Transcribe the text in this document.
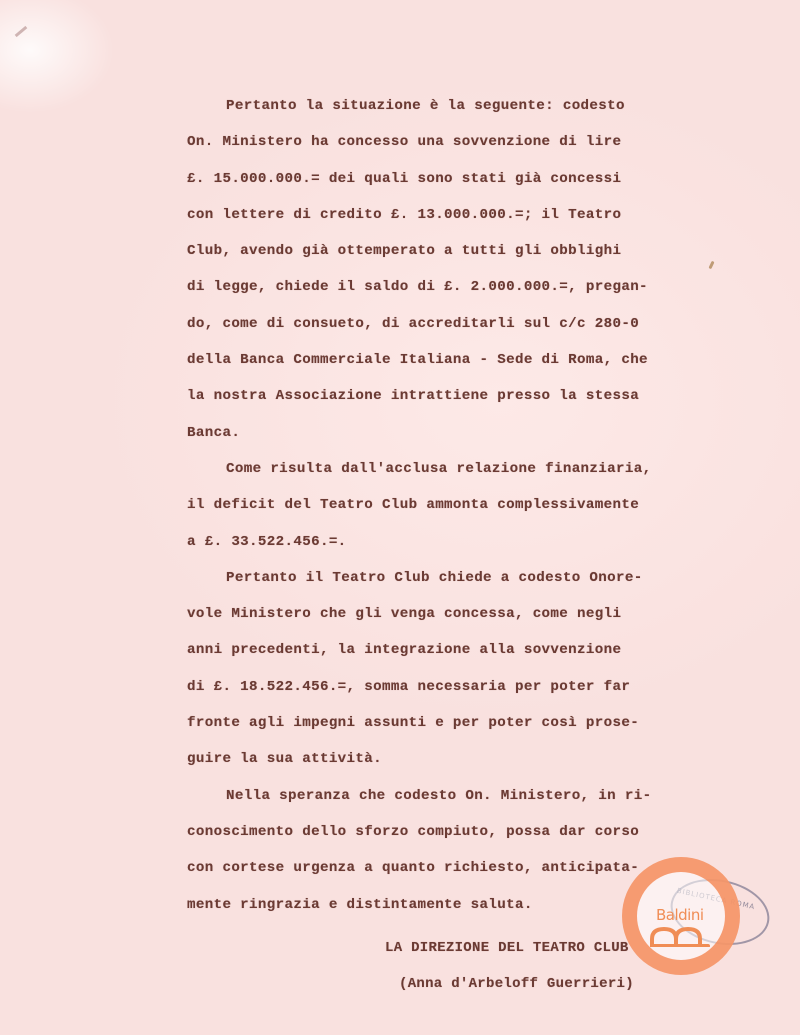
Pertanto la situazione è la seguente: codesto
On. Ministero ha concesso una sovvenzione di lire
£. 15.000.000.= dei quali sono stati già concessi
con lettere di credito £. 13.000.000.=; il Teatro
Club, avendo già ottemperato a tutti gli obblighi
di legge, chiede il saldo di £. 2.000.000.=, pregan-
do, come di consueto, di accreditarli sul c/c 280-0
della Banca Commerciale Italiana - Sede di Roma, che
la nostra Associazione intrattiene presso la stessa
Banca.
Come risulta dall'acclusa relazione finanziaria,
il deficit del Teatro Club ammonta complessivamente
a £. 33.522.456.=.
Pertanto il Teatro Club chiede a codesto Onore-
vole Ministero che gli venga concessa, come negli
anni precedenti, la integrazione alla sovvenzione
di £. 18.522.456.=, somma necessaria per poter far
fronte agli impegni assunti e per poter così prose-
guire la sua attività.
Nella speranza che codesto On. Ministero, in ri-
conoscimento dello sforzo compiuto, possa dar corso
con cortese urgenza a quanto richiesto, anticipata-
mente ringrazia e distintamente saluta.
LA DIREZIONE DEL TEATRO CLUB
(Anna d'Arbeloff Guerrieri)
ROMA
Baldini
